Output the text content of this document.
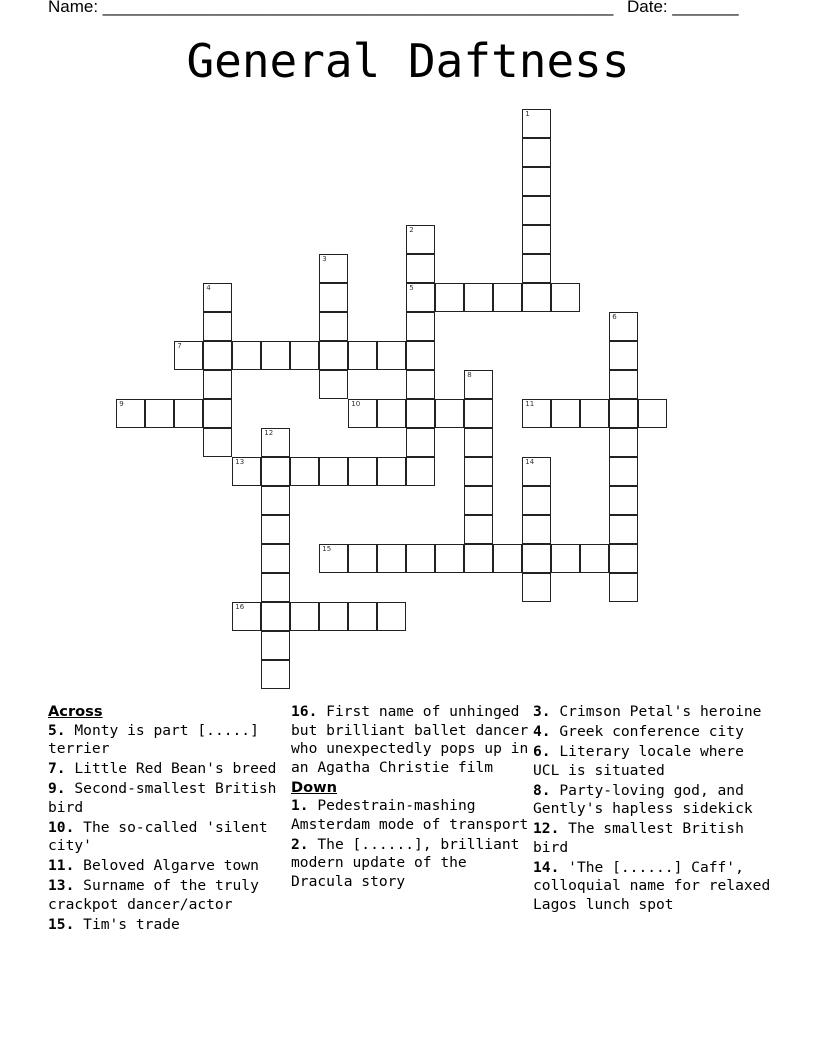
Name: ______________________________________________________ Date: _______
General Daftness
1
2
5
3
4
6
7
8
9	10	11
12
13	14
15
16
Across
5. Monty is part [.....] terrier
7. Little Red Bean's breed
9. Second-smallest British bird
10. The so-called 'silent city'
11. Beloved Algarve town
13. Surname of the truly crackpot dancer/actor
15. Tim's trade
16. First name of unhinged but brilliant ballet dancer who unexpectedly pops up in an Agatha Christie film
Down
1. Pedestrain-mashing Amsterdam mode of transport
2. The [......], brilliant modern update of the Dracula story
3. Crimson Petal's heroine
4. Greek conference city
6. Literary locale where UCL is situated
8. Party-loving god, and Gently's hapless sidekick
12. The smallest British bird
14. 'The [......] Caff', colloquial name for relaxed Lagos lunch spot
